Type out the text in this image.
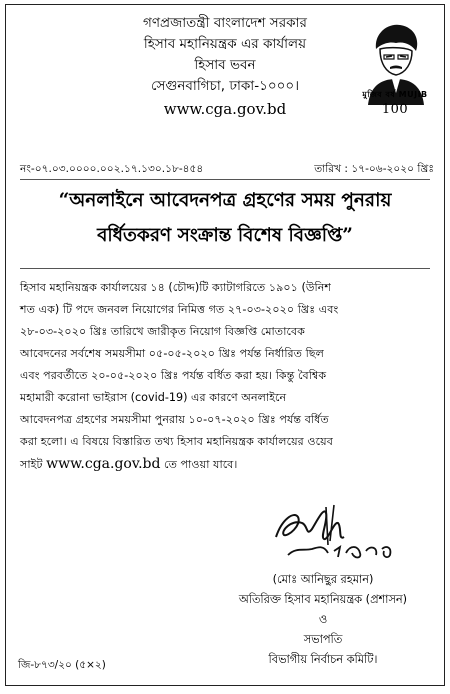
গণপ্রজাতন্ত্রী বাংলাদেশ সরকার
হিসাব মহানিয়ন্ত্রক এর কার্যালয়
হিসাব ভবন
সেগুনবাগিচা, ঢাকা-১০০০।
www.cga.gov.bd
মুজিব বর্ষ MUJIB 100
নং-০৭.০৩.০০০০.০০২.১৭.১৩০.১৮-৪৫৪	তারিখ : ১৭-০৬-২০২০ খ্রিঃ
“অনলাইনে আবেদনপত্র গ্রহণের সময় পুনরায়
বর্ধিতকরণ সংক্রান্ত বিশেষ বিজ্ঞপ্তি”
হিসাব মহানিয়ন্ত্রক কার্যালয়ের ১৪ (চৌদ্দ)টি ক্যাটাগরিতে ১৯০১ (উনিশ
শত এক) টি পদে জনবল নিয়োগের নিমিত্ত গত ২৭-০৩-২০২০ খ্রিঃ এবং
২৮-০৩-২০২০ খ্রিঃ তারিখে জারীকৃত নিয়োগ বিজ্ঞপ্তি মোতাবেক
আবেদনের সর্বশেষ সময়সীমা ০৫-০৫-২০২০ খ্রিঃ পর্যন্ত নির্ধারিত ছিল
এবং পরবর্তীতে ২০-০৫-২০২০ খ্রিঃ পর্যন্ত বর্ধিত করা হয়। কিন্তু বৈশ্বিক
মহামারী করোনা ভাইরাস (covid-19) এর কারণে অনলাইনে
আবেদনপত্র গ্রহণের সময়সীমা পুনরায় ১০-০৭-২০২০ খ্রিঃ পর্যন্ত বর্ধিত
করা হলো। এ বিষয়ে বিস্তারিত তথ্য হিসাব মহানিয়ন্ত্রক কার্যালয়ের ওয়েব
সাইট www.cga.gov.bd তে পাওয়া যাবে।
(মোঃ আনিছুর রহমান)
অতিরিক্ত হিসাব মহানিয়ন্ত্রক (প্রশাসন)
ও
সভাপতি
বিভাগীয় নির্বাচন কমিটি।
জি-৮৭৩/২০ (৫×২)
